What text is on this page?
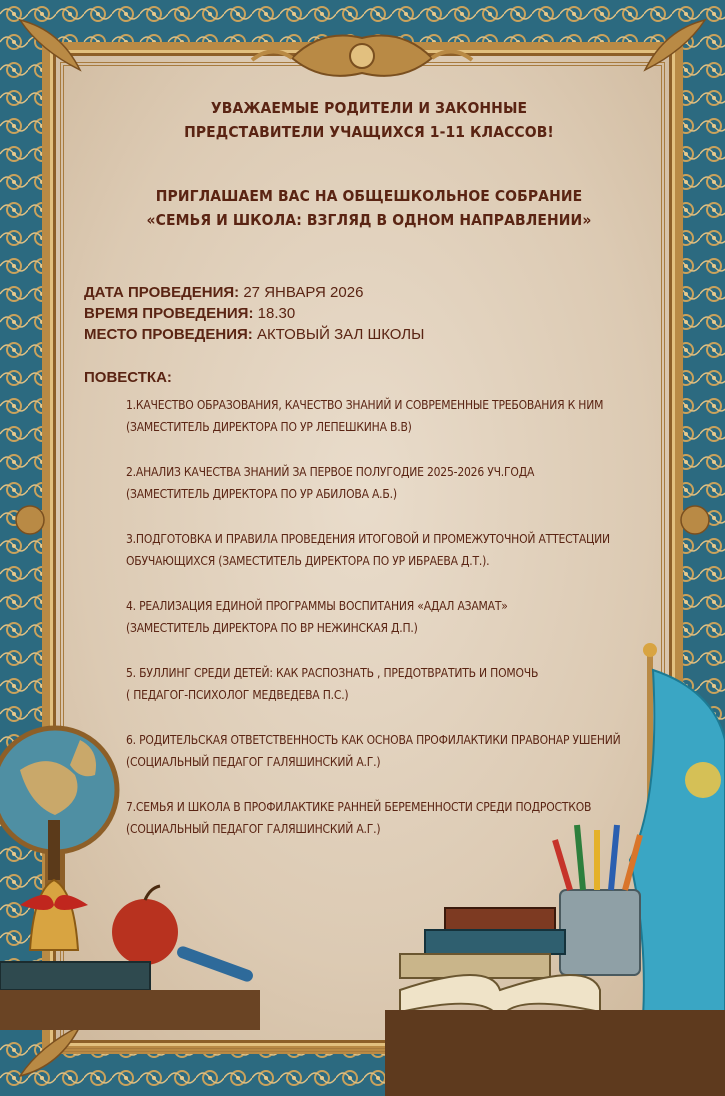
УВАЖАЕМЫЕ РОДИТЕЛИ И ЗАКОННЫЕ
ПРЕДСТАВИТЕЛИ УЧАЩИХСЯ 1-11 КЛАССОВ!
ПРИГЛАШАЕМ ВАС НА ОБЩЕШКОЛЬНОЕ СОБРАНИЕ
«СЕМЬЯ И ШКОЛА: ВЗГЛЯД В ОДНОМ НАПРАВЛЕНИИ»
ДАТА ПРОВЕДЕНИЯ: 27 ЯНВАРЯ 2026
ВРЕМЯ ПРОВЕДЕНИЯ: 18.30
МЕСТО ПРОВЕДЕНИЯ: АКТОВЫЙ ЗАЛ ШКОЛЫ
ПОВЕСТКА:
1.КАЧЕСТВО ОБРАЗОВАНИЯ, КАЧЕСТВО ЗНАНИЙ И СОВРЕМЕННЫЕ ТРЕБОВАНИЯ К НИМ
(ЗАМЕСТИТЕЛЬ ДИРЕКТОРА ПО УР ЛЕПЕШКИНА В.В)
2.АНАЛИЗ КАЧЕСТВА ЗНАНИЙ ЗА ПЕРВОЕ ПОЛУГОДИЕ 2025-2026 УЧ.ГОДА
(ЗАМЕСТИТЕЛЬ ДИРЕКТОРА ПО УР АБИЛОВА А.Б.)
3.ПОДГОТОВКА И ПРАВИЛА ПРОВЕДЕНИЯ ИТОГОВОЙ И ПРОМЕЖУТОЧНОЙ АТТЕСТАЦИИ
ОБУЧАЮЩИХСЯ (ЗАМЕСТИТЕЛЬ ДИРЕКТОРА ПО УР ИБРАЕВА Д.Т.).
4. РЕАЛИЗАЦИЯ ЕДИНОЙ ПРОГРАММЫ ВОСПИТАНИЯ «АДАЛ АЗАМАТ»
(ЗАМЕСТИТЕЛЬ ДИРЕКТОРА ПО ВР НЕЖИНСКАЯ Д.П.)
5. БУЛЛИНГ СРЕДИ ДЕТЕЙ: КАК РАСПОЗНАТЬ , ПРЕДОТВРАТИТЬ И ПОМОЧЬ
( ПЕДАГОГ-ПСИХОЛОГ МЕДВЕДЕВА П.С.)
6. РОДИТЕЛЬСКАЯ ОТВЕТСТВЕННОСТЬ КАК ОСНОВА ПРОФИЛАКТИКИ ПРАВОНАР УШЕНИЙ
(СОЦИАЛЬНЫЙ ПЕДАГОГ ГАЛЯШИНСКИЙ А.Г.)
7.СЕМЬЯ И ШКОЛА В ПРОФИЛАКТИКЕ РАННЕЙ БЕРЕМЕННОСТИ СРЕДИ ПОДРОСТКОВ
(СОЦИАЛЬНЫЙ ПЕДАГОГ ГАЛЯШИНСКИЙ А.Г.)
